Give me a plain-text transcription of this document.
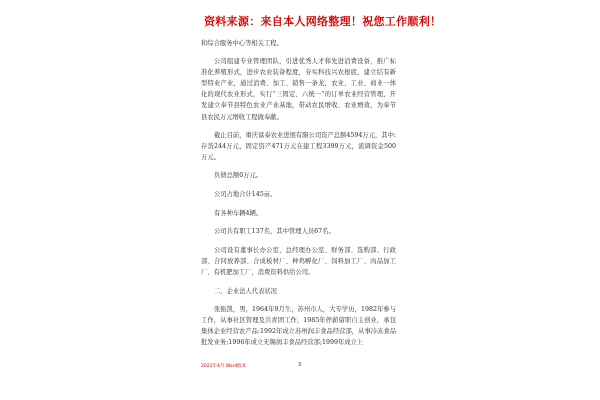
资料来源：来自本人网络整理！祝您工作顺利！

和综合服务中心等相关工程。

公司组建专业管理团队，引进优秀人才和先进消费设备，推广标准化养殖形式，进步农业装备程度，夯实科技兴农根底，建立结有新型特业产业，通过消费、加工、销售一条龙，农业、工业、商业一体化的现代农业形式，实行“三固定、六统一”的订单农业经营管理，开发建立奉节县特色农业产业基地，带动农民增收、农业增效，为奉节县农民万元增收工程做奉献。

截止目前，重庆富泰农业进展有限公司资产总额4594万元，其中:存货244万元，固定资产471万元在建工程3399万元，流调资金500万元。

负债总额0万元。

公司占地合计145亩。

有各种车辆4辆。

公司共有职工137名，其中管理人员67名。

公司设有董事长办公室、总经理办公室、财务部、选购部、行政部、合同放养部、合成板材厂、种鸡孵化厂、饲料加工厂、肉品加工厂、有机肥加工厂，消费资料供给公司。

二、企业法人代表状况

张振凯，男，1964年9月生，苏州市人，大专学历，1982年参与工作，从事社区管理及共青团工作，1985年停薪留职自主创业，承包集体企业经营农产品:1992年成立苏州润丰食品经营部，从事冷冻食品批发业务;1996年成立无锡润丰食品经营部;1999年成立上

2021年4月 Word版本	3
